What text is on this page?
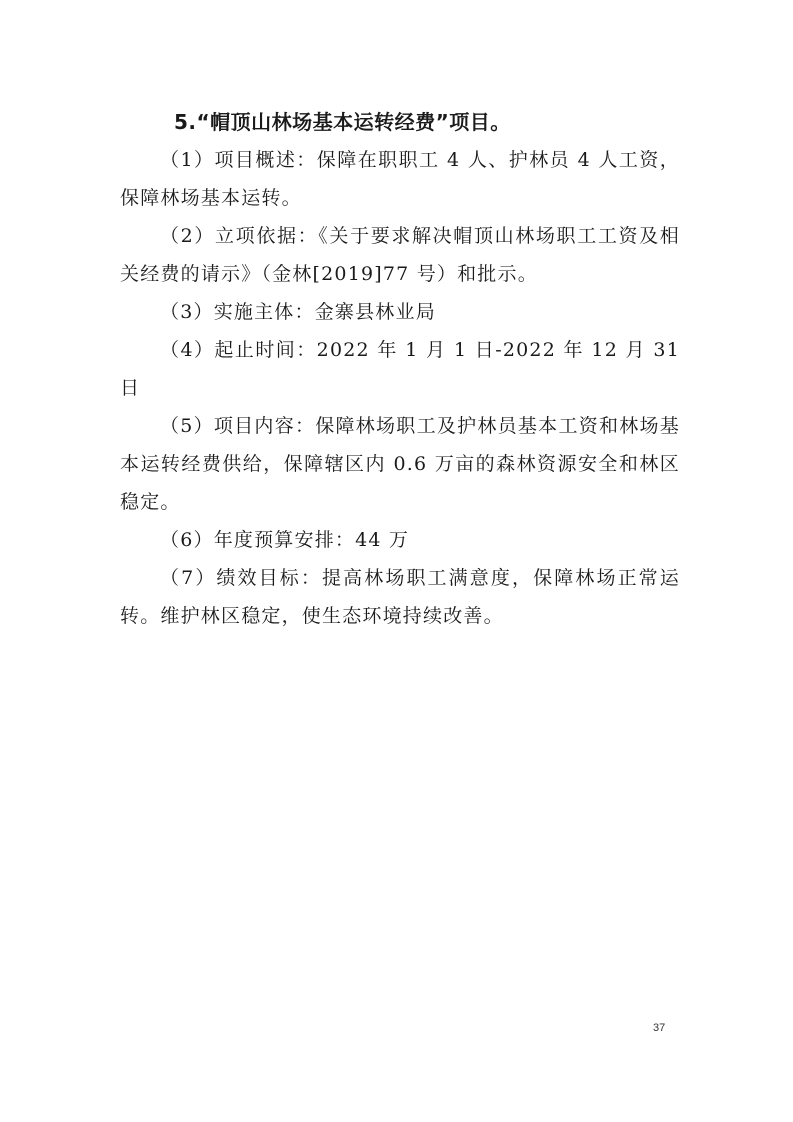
5.“帽顶山林场基本运转经费”项目。

（1）项目概述：保障在职职工 4 人、护林员 4 人工资，保障林场基本运转。

（2）立项依据：《关于要求解决帽顶山林场职工工资及相关经费的请示》（金林[2019]77 号）和批示。

（3）实施主体：金寨县林业局

（4）起止时间：2022 年 1 月 1 日-2022 年 12 月 31 日

（5）项目内容：保障林场职工及护林员基本工资和林场基本运转经费供给，保障辖区内 0.6 万亩的森林资源安全和林区稳定。

（6）年度预算安排：44 万

（7）绩效目标：提高林场职工满意度，保障林场正常运转。维护林区稳定，使生态环境持续改善。

37
